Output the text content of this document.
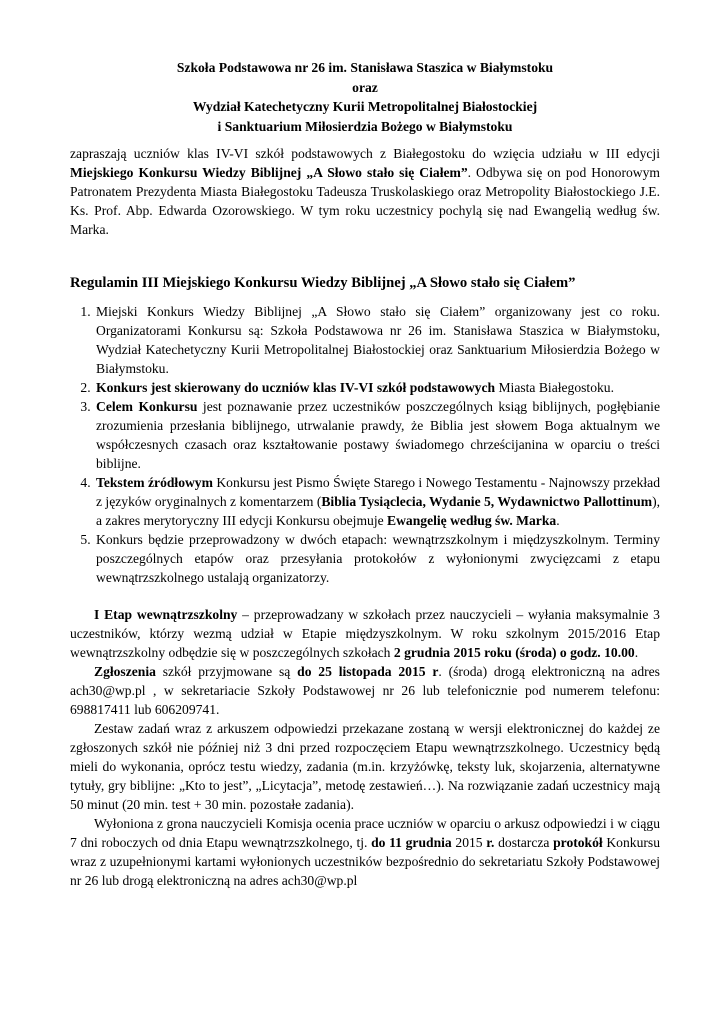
Szkoła Podstawowa nr 26 im. Stanisława Staszica w Białymstoku
oraz
Wydział Katechetyczny Kurii Metropolitalnej Białostockiej
i Sanktuarium Miłosierdzia Bożego w Białymstoku

zapraszają uczniów klas IV-VI szkół podstawowych z Białegostoku do wzięcia udziału w III edycji Miejskiego Konkursu Wiedzy Biblijnej „A Słowo stało się Ciałem”. Odbywa się on pod Honorowym Patronatem Prezydenta Miasta Białegostoku Tadeusza Truskolaskiego oraz Metropolity Białostockiego J.E. Ks. Prof. Abp. Edwarda Ozorowskiego. W tym roku uczestnicy pochylą się nad Ewangelią według św. Marka.

Regulamin III Miejskiego Konkursu Wiedzy Biblijnej „A Słowo stało się Ciałem”
1. Miejski Konkurs Wiedzy Biblijnej „A Słowo stało się Ciałem” organizowany jest co roku. Organizatorami Konkursu są: Szkoła Podstawowa nr 26 im. Stanisława Staszica w Białymstoku, Wydział Katechetyczny Kurii Metropolitalnej Białostockiej oraz Sanktuarium Miłosierdzia Bożego w Białymstoku.
2. Konkurs jest skierowany do uczniów klas IV-VI szkół podstawowych Miasta Białegostoku.
3. Celem Konkursu jest poznawanie przez uczestników poszczególnych ksiąg biblijnych, pogłębianie zrozumienia przesłania biblijnego, utrwalanie prawdy, że Biblia jest słowem Boga aktualnym we współczesnych czasach oraz kształtowanie postawy świadomego chrześcijanina w oparciu o treści biblijne.
4. Tekstem źródłowym Konkursu jest Pismo Święte Starego i Nowego Testamentu - Najnowszy przekład z języków oryginalnych z komentarzem (Biblia Tysiąclecia, Wydanie 5, Wydawnictwo Pallottinum), a zakres merytoryczny III edycji Konkursu obejmuje Ewangelię według św. Marka.
5. Konkurs będzie przeprowadzony w dwóch etapach: wewnątrzszkolnym i międzyszkolnym. Terminy poszczególnych etapów oraz przesyłania protokołów z wyłonionymi zwycięzcami z etapu wewnątrzszkolnego ustalają organizatorzy.

I Etap wewnątrzszkolny – przeprowadzany w szkołach przez nauczycieli – wyłania maksymalnie 3 uczestników, którzy wezmą udział w Etapie międzyszkolnym. W roku szkolnym 2015/2016 Etap wewnątrzszkolny odbędzie się w poszczególnych szkołach 2 grudnia 2015 roku (środa) o godz. 10.00.

Zgłoszenia szkół przyjmowane są do 25 listopada 2015 r. (środa) drogą elektroniczną na adres ach30@wp.pl , w sekretariacie Szkoły Podstawowej nr 26 lub telefonicznie pod numerem telefonu: 698817411 lub 606209741.

Zestaw zadań wraz z arkuszem odpowiedzi przekazane zostaną w wersji elektronicznej do każdej ze zgłoszonych szkół nie później niż 3 dni przed rozpoczęciem Etapu wewnątrzszkolnego. Uczestnicy będą mieli do wykonania, oprócz testu wiedzy, zadania (m.in. krzyżówkę, teksty luk, skojarzenia, alternatywne tytuły, gry biblijne: „Kto to jest”, „Licytacja”, metodę zestawień…). Na rozwiązanie zadań uczestnicy mają 50 minut (20 min. test + 30 min. pozostałe zadania).

Wyłoniona z grona nauczycieli Komisja ocenia prace uczniów w oparciu o arkusz odpowiedzi i w ciągu 7 dni roboczych od dnia Etapu wewnątrzszkolnego, tj. do 11 grudnia 2015 r. dostarcza protokół Konkursu wraz z uzupełnionymi kartami wyłonionych uczestników bezpośrednio do sekretariatu Szkoły Podstawowej nr 26 lub drogą elektroniczną na adres ach30@wp.pl
